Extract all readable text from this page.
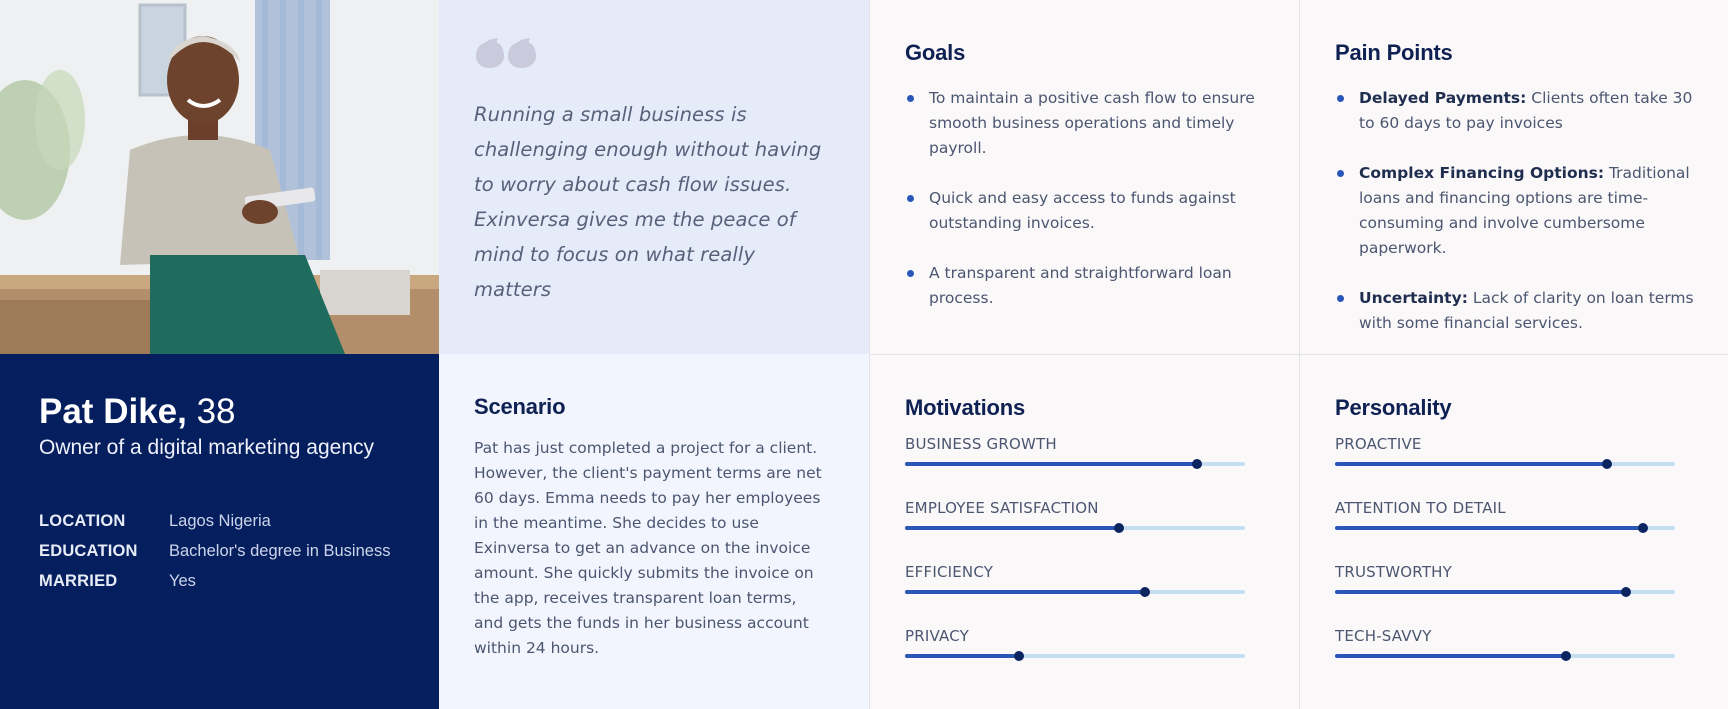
Running a small business is challenging enough without having to worry about cash flow issues. Exinversa gives me the peace of mind to focus on what really matters

Goals
To maintain a positive cash flow to ensure smooth business operations and timely payroll.
Quick and easy access to funds against outstanding invoices.
A transparent and straightforward loan process.
Pain Points
Delayed Payments: Clients often take 30 to 60 days to pay invoices
Complex Financing Options: Traditional loans and financing options are time-consuming and involve cumbersome paperwork.
Uncertainty: Lack of clarity on loan terms with some financial services.
Pat Dike, 38
Owner of a digital marketing agency
LOCATION	Lagos Nigeria
EDUCATION	Bachelor's degree in Business
MARRIED	Yes
Scenario

Pat has just completed a project for a client. However, the client's payment terms are net 60 days. Emma needs to pay her employees in the meantime. She decides to use Exinversa to get an advance on the invoice amount. She quickly submits the invoice on the app, receives transparent loan terms, and gets the funds in her business account within 24 hours.

Motivations
BUSINESS GROWTH
EMPLOYEE SATISFACTION
EFFICIENCY
PRIVACY
Personality
PROACTIVE
ATTENTION TO DETAIL
TRUSTWORTHY
TECH-SAVVY
